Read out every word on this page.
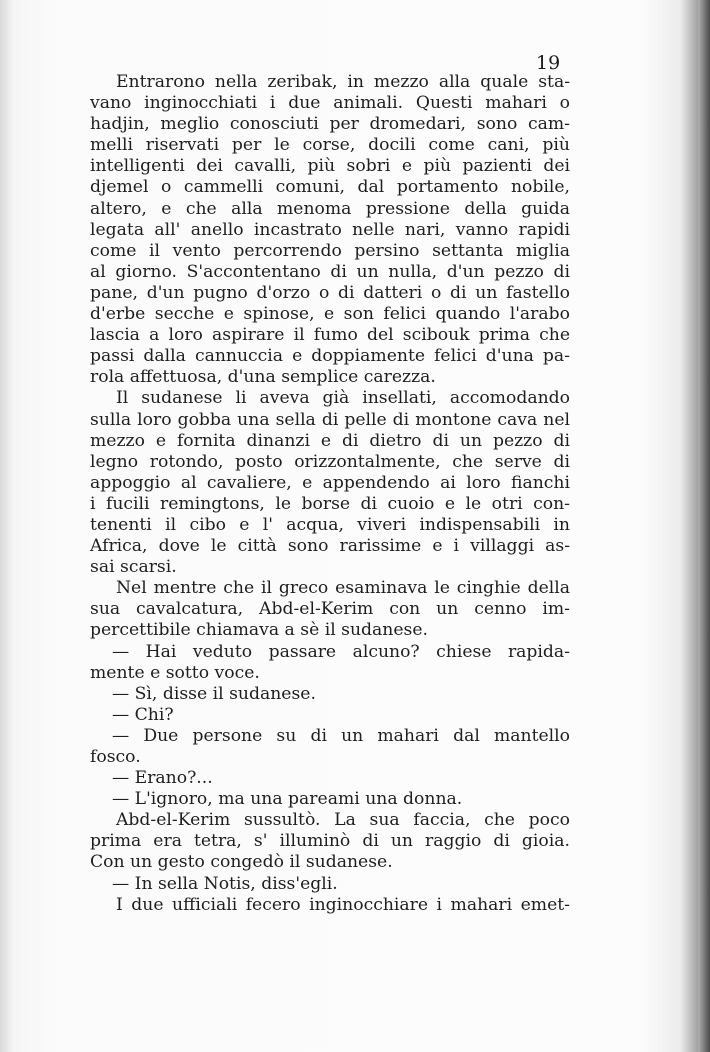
19
Entrarono nella zeribak, in mezzo alla quale sta-
vano inginocchiati i due animali. Questi mahari o
hadjin, meglio conosciuti per dromedari, sono cam-
melli riservati per le corse, docili come cani, più
intelligenti dei cavalli, più sobri e più pazienti dei
djemel o cammelli comuni, dal portamento nobile,
altero, e che alla menoma pressione della guida
legata all' anello incastrato nelle nari, vanno rapidi
come il vento percorrendo persino settanta miglia
al giorno. S'accontentano di un nulla, d'un pezzo di
pane, d'un pugno d'orzo o di datteri o di un fastello
d'erbe secche e spinose, e son felici quando l'arabo
lascia a loro aspirare il fumo del scibouk prima che
passi dalla cannuccia e doppiamente felici d'una pa-
rola affettuosa, d'una semplice carezza.
Il sudanese li aveva già insellati, accomodando
sulla loro gobba una sella di pelle di montone cava nel
mezzo e fornita dinanzi e di dietro di un pezzo di
legno rotondo, posto orizzontalmente, che serve di
appoggio al cavaliere, e appendendo ai loro fianchi
i fucili remingtons, le borse di cuoio e le otri con-
tenenti il cibo e l' acqua, viveri indispensabili in
Africa, dove le città sono rarissime e i villaggi as-
sai scarsi.
Nel mentre che il greco esaminava le cinghie della
sua cavalcatura, Abd-el-Kerim con un cenno im-
percettibile chiamava a sè il sudanese.
— Hai veduto passare alcuno? chiese rapida-
mente e sotto voce.
— Sì, disse il sudanese.
— Chi?
— Due persone su di un mahari dal mantello
fosco.
— Erano?...
— L'ignoro, ma una pareami una donna.
Abd-el-Kerim sussultò. La sua faccia, che poco
prima era tetra, s' illuminò di un raggio di gioia.
Con un gesto congedò il sudanese.
— In sella Notis, diss'egli.
I due ufficiali fecero inginocchiare i mahari emet-
